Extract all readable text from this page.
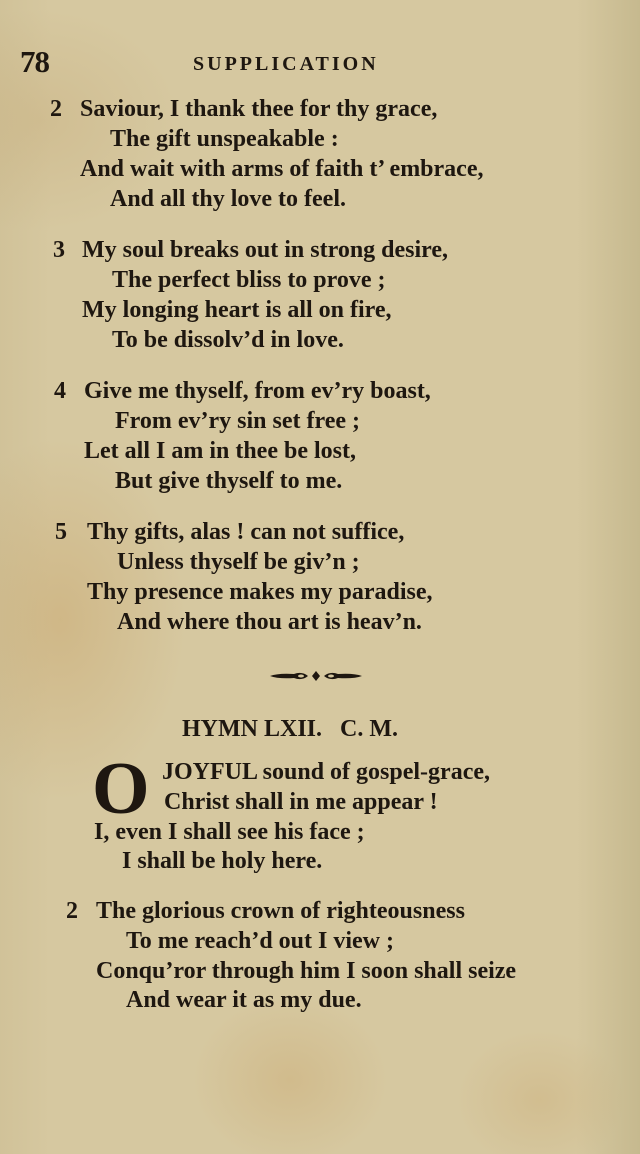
78	SUPPLICATION
2 Saviour, I thank thee for thy grace,
The gift unspeakable :
And wait with arms of faith t’ embrace,
And all thy love to feel.
3 My soul breaks out in strong desire,
The perfect bliss to prove ;
My longing heart is all on fire,
To be dissolv’d in love.
4 Give me thyself, from ev’ry boast,
From ev’ry sin set free ;
Let all I am in thee be lost,
But give thyself to me.
5 Thy gifts, alas ! can not suffice,
Unless thyself be giv’n ;
Thy presence makes my paradise,
And where thou art is heav’n.
HYMN LXII.   C. M.
O JOYFUL sound of gospel-grace,
Christ shall in me appear !
I, even I shall see his face ;
I shall be holy here.
2 The glorious crown of righteousness
To me reach’d out I view ;
Conqu’ror through him I soon shall seize
And wear it as my due.
